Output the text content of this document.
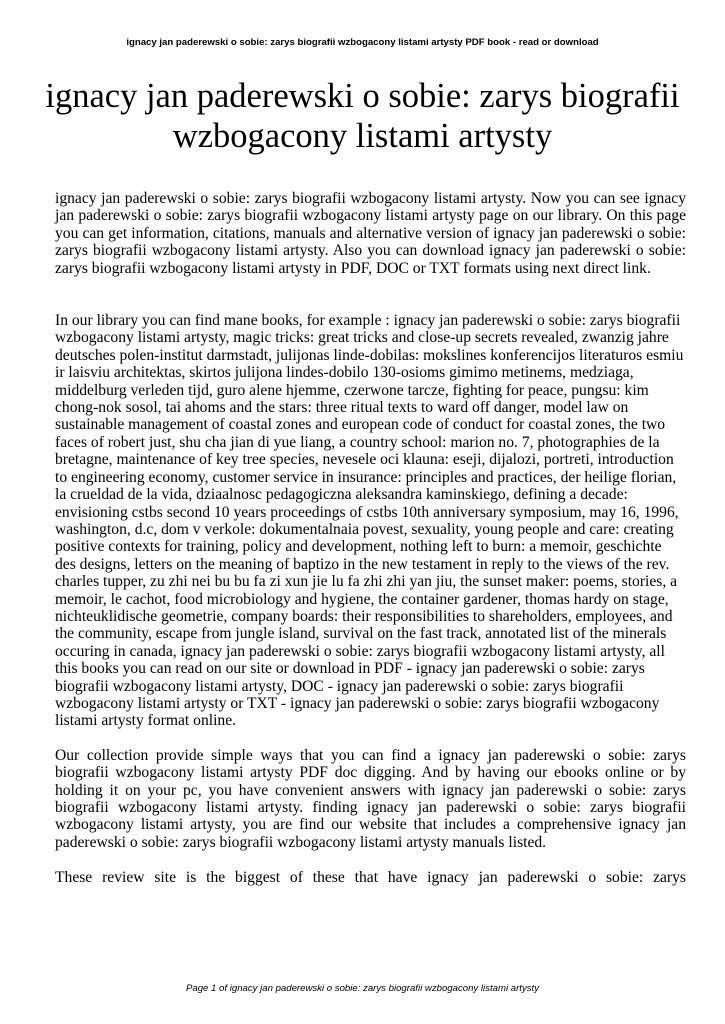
ignacy jan paderewski o sobie: zarys biografii wzbogacony listami artysty PDF book - read or download
ignacy jan paderewski o sobie: zarys biografii wzbogacony listami artysty

ignacy jan paderewski o sobie: zarys biografii wzbogacony listami artysty. Now you can see ignacy jan paderewski o sobie: zarys biografii wzbogacony listami artysty page on our library. On this page you can get information, citations, manuals and alternative version of ignacy jan paderewski o sobie: zarys biografii wzbogacony listami artysty. Also you can download ignacy jan paderewski o sobie: zarys biografii wzbogacony listami artysty in PDF, DOC or TXT formats using next direct link.

In our library you can find mane books, for example : ignacy jan paderewski o sobie: zarys biografii wzbogacony listami artysty, magic tricks: great tricks and close-up secrets revealed, zwanzig jahre deutsches polen-institut darmstadt, julijonas linde-dobilas: mokslines konferencijos literaturos esmiu ir laisviu architektas, skirtos julijona lindes-dobilo 130-osioms gimimo metinems, medziaga, middelburg verleden tijd, guro alene hjemme, czerwone tarcze, fighting for peace, pungsu: kim chong-nok sosol, tai ahoms and the stars: three ritual texts to ward off danger, model law on sustainable management of coastal zones and european code of conduct for coastal zones, the two faces of robert just, shu cha jian di yue liang, a country school: marion no. 7, photographies de la bretagne, maintenance of key tree species, nevesele oci klauna: eseji, dijalozi, portreti, introduction to engineering economy, customer service in insurance: principles and practices, der heilige florian, la crueldad de la vida, dziaalnosc pedagogiczna aleksandra kaminskiego, defining a decade: envisioning cstbs second 10 years proceedings of cstbs 10th anniversary symposium, may 16, 1996, washington, d.c, dom v verkole: dokumentalnaia povest, sexuality, young people and care: creating positive contexts for training, policy and development, nothing left to burn: a memoir, geschichte des designs, letters on the meaning of baptizo in the new testament in reply to the views of the rev. charles tupper, zu zhi nei bu bu fa zi xun jie lu fa zhi zhi yan jiu, the sunset maker: poems, stories, a memoir, le cachot, food microbiology and hygiene, the container gardener, thomas hardy on stage, nichteuklidische geometrie, company boards: their responsibilities to shareholders, employees, and the community, escape from jungle island, survival on the fast track, annotated list of the minerals occuring in canada, ignacy jan paderewski o sobie: zarys biografii wzbogacony listami artysty, all this books you can read on our site or download in PDF - ignacy jan paderewski o sobie: zarys biografii wzbogacony listami artysty, DOC - ignacy jan paderewski o sobie: zarys biografii wzbogacony listami artysty or TXT - ignacy jan paderewski o sobie: zarys biografii wzbogacony listami artysty format online.

Our collection provide simple ways that you can find a ignacy jan paderewski o sobie: zarys biografii wzbogacony listami artysty PDF doc digging. And by having our ebooks online or by holding it on your pc, you have convenient answers with ignacy jan paderewski o sobie: zarys biografii wzbogacony listami artysty. finding ignacy jan paderewski o sobie: zarys biografii wzbogacony listami artysty, you are find our website that includes a comprehensive ignacy jan paderewski o sobie: zarys biografii wzbogacony listami artysty manuals listed.

These review site is the biggest of these that have ignacy jan paderewski o sobie: zarys

Page 1 of ignacy jan paderewski o sobie: zarys biografii wzbogacony listami artysty
